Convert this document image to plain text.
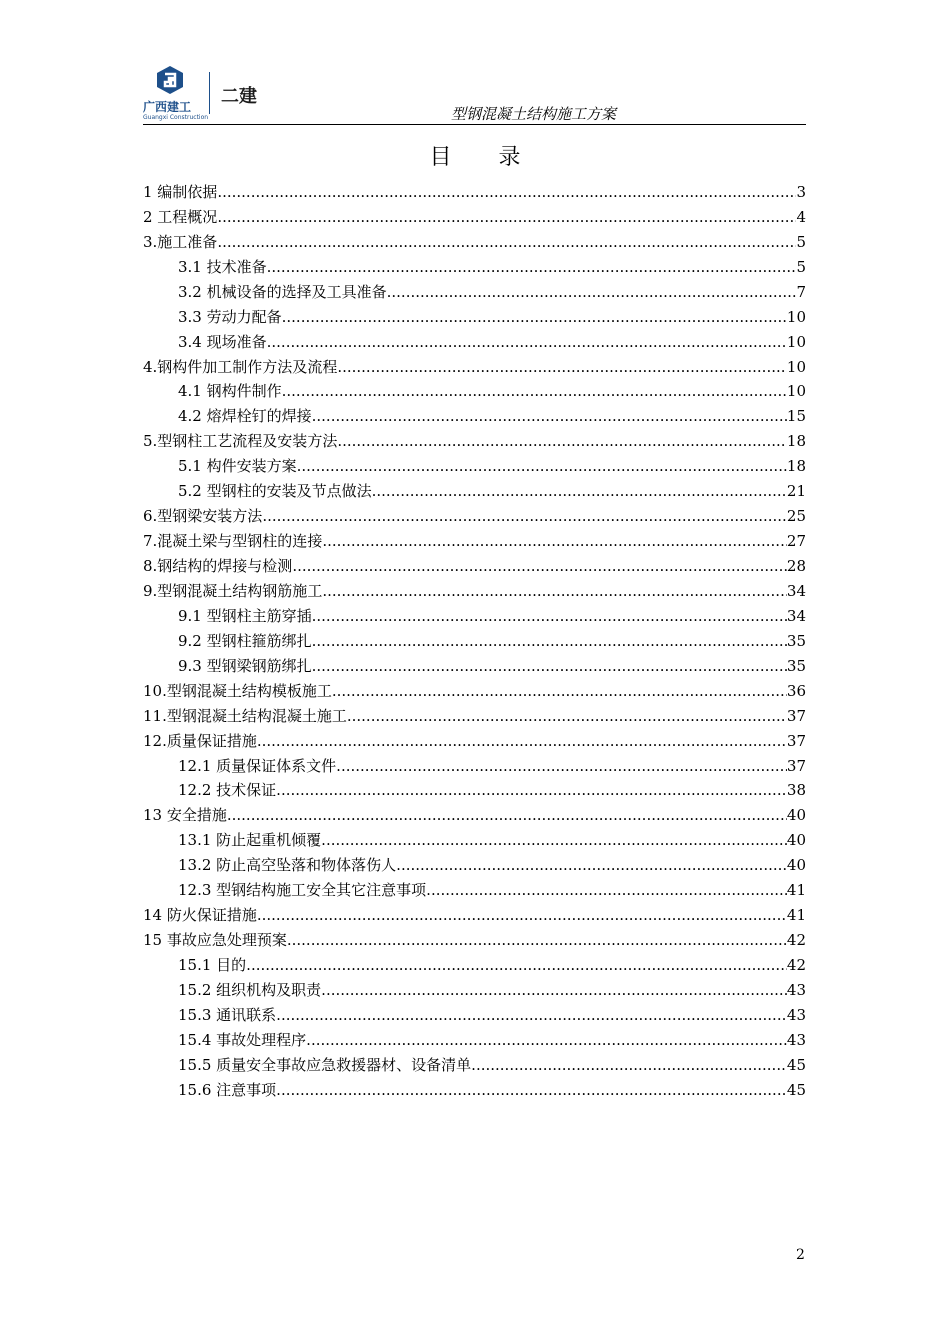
广西建工
Guangxi Construction
二建
型钢混凝土结构施工方案
目 录
1 编制依据 .....	3
2 工程概况 .....	4
3.施工准备 .....	5
3.1 技术准备 .....	5
3.2 机械设备的选择及工具准备 .....	7
3.3 劳动力配备 .....	10
3.4 现场准备 .....	10
4.钢构件加工制作方法及流程 .....	10
4.1 钢构件制作 .....	10
4.2 熔焊栓钉的焊接 .....	15
5.型钢柱工艺流程及安装方法 .....	18
5.1 构件安装方案 .....	18
5.2 型钢柱的安装及节点做法 .....	21
6.型钢梁安装方法 .....	25
7.混凝土梁与型钢柱的连接 .....	27
8.钢结构的焊接与检测 .....	28
9.型钢混凝土结构钢筋施工 .....	34
9.1 型钢柱主筋穿插 .....	34
9.2 型钢柱箍筋绑扎 .....	35
9.3 型钢梁钢筋绑扎 .....	35
10.型钢混凝土结构模板施工 .....	36
11.型钢混凝土结构混凝土施工 .....	37
12.质量保证措施 .....	37
12.1 质量保证体系文件 .....	37
12.2 技术保证 .....	38
13 安全措施 .....	40
13.1 防止起重机倾覆 .....	40
13.2 防止高空坠落和物体落伤人 .....	40
12.3 型钢结构施工安全其它注意事项 .....	41
14 防火保证措施 .....	41
15 事故应急处理预案 .....	42
15.1 目的 .....	42
15.2 组织机构及职责 .....	43
15.3 通讯联系 .....	43
15.4 事故处理程序 .....	43
15.5 质量安全事故应急救援器材、设备清单 .....	45
15.6 注意事项 .....	45
2
